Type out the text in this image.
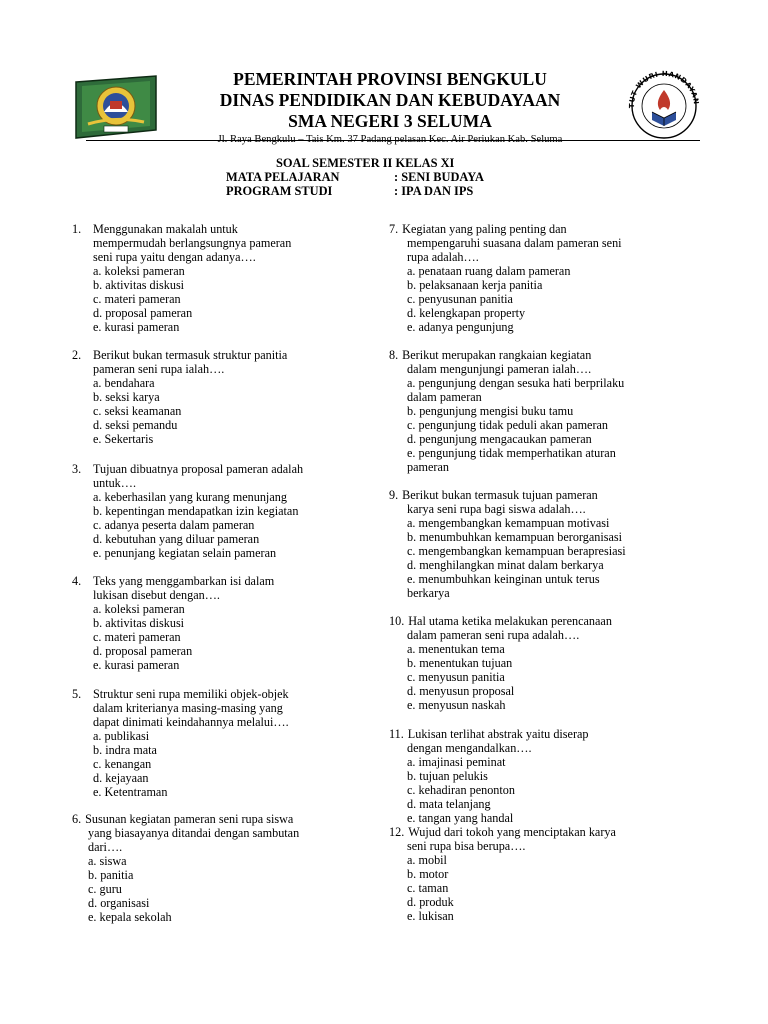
PEMERINTAH PROVINSI BENGKULU
DINAS PENDIDIKAN DAN KEBUDAYAAN
SMA NEGERI 3 SELUMA
Jl. Raya Bengkulu – Tais Km. 37 Padang pelasan Kec. Air Periukan Kab. Seluma
TUT WURI HANDAYAN
SOAL SEMESTER II KELAS XI
MATA PELAJARAN	: SENI BUDAYA
PROGRAM STUDI	: IPA DAN IPS
1. Menggunakan makalah untuk
mempermudah berlangsungnya pameran
seni rupa yaitu dengan adanya….
a. koleksi pameran
b. aktivitas diskusi
c. materi pameran
d. proposal pameran
e. kurasi pameran
2. Berikut bukan termasuk struktur panitia
pameran seni rupa ialah….
a. bendahara
b. seksi karya
c. seksi keamanan
d. seksi pemandu
e. Sekertaris
3. Tujuan dibuatnya proposal pameran adalah
untuk….
a. keberhasilan yang kurang menunjang
b. kepentingan mendapatkan izin kegiatan
c. adanya peserta dalam pameran
d. kebutuhan yang diluar pameran
e. penunjang kegiatan selain pameran
4. Teks yang menggambarkan isi dalam
lukisan disebut dengan….
a. koleksi pameran
b. aktivitas diskusi
c. materi pameran
d. proposal pameran
e. kurasi pameran
5. Struktur seni rupa memiliki objek-objek
dalam kriterianya masing-masing yang
dapat dinimati keindahannya melalui….
a. publikasi
b. indra mata
c. kenangan
d. kejayaan
e. Ketentraman
6. Susunan kegiatan pameran seni rupa siswa
yang biasayanya ditandai dengan sambutan
dari….
a. siswa
b. panitia
c. guru
d. organisasi
e. kepala sekolah
7. Kegiatan yang paling penting dan
mempengaruhi suasana dalam pameran seni
rupa adalah….
a. penataan ruang dalam pameran
b. pelaksanaan kerja panitia
c. penyusunan panitia
d. kelengkapan property
e. adanya pengunjung
8. Berikut merupakan rangkaian kegiatan
dalam mengunjungi pameran ialah….
a. pengunjung dengan sesuka hati berprilaku
dalam pameran
b. pengunjung mengisi buku tamu
c. pengunjung tidak peduli akan pameran
d. pengunjung mengacaukan pameran
e. pengunjung tidak memperhatikan aturan
pameran
9. Berikut bukan termasuk tujuan pameran
karya seni rupa bagi siswa adalah….
a. mengembangkan kemampuan motivasi
b. menumbuhkan kemampuan berorganisasi
c. mengembangkan kemampuan berapresiasi
d. menghilangkan minat dalam berkarya
e. menumbuhkan keinginan untuk terus
berkarya
10. Hal utama ketika melakukan perencanaan
dalam pameran seni rupa adalah….
a. menentukan tema
b. menentukan tujuan
c. menyusun panitia
d. menyusun proposal
e. menyusun naskah
11. Lukisan terlihat abstrak yaitu diserap
dengan mengandalkan….
a. imajinasi peminat
b. tujuan pelukis
c. kehadiran penonton
d. mata telanjang
e. tangan yang handal
12. Wujud dari tokoh yang menciptakan karya
seni rupa bisa berupa….
a. mobil
b. motor
c. taman
d. produk
e. lukisan
